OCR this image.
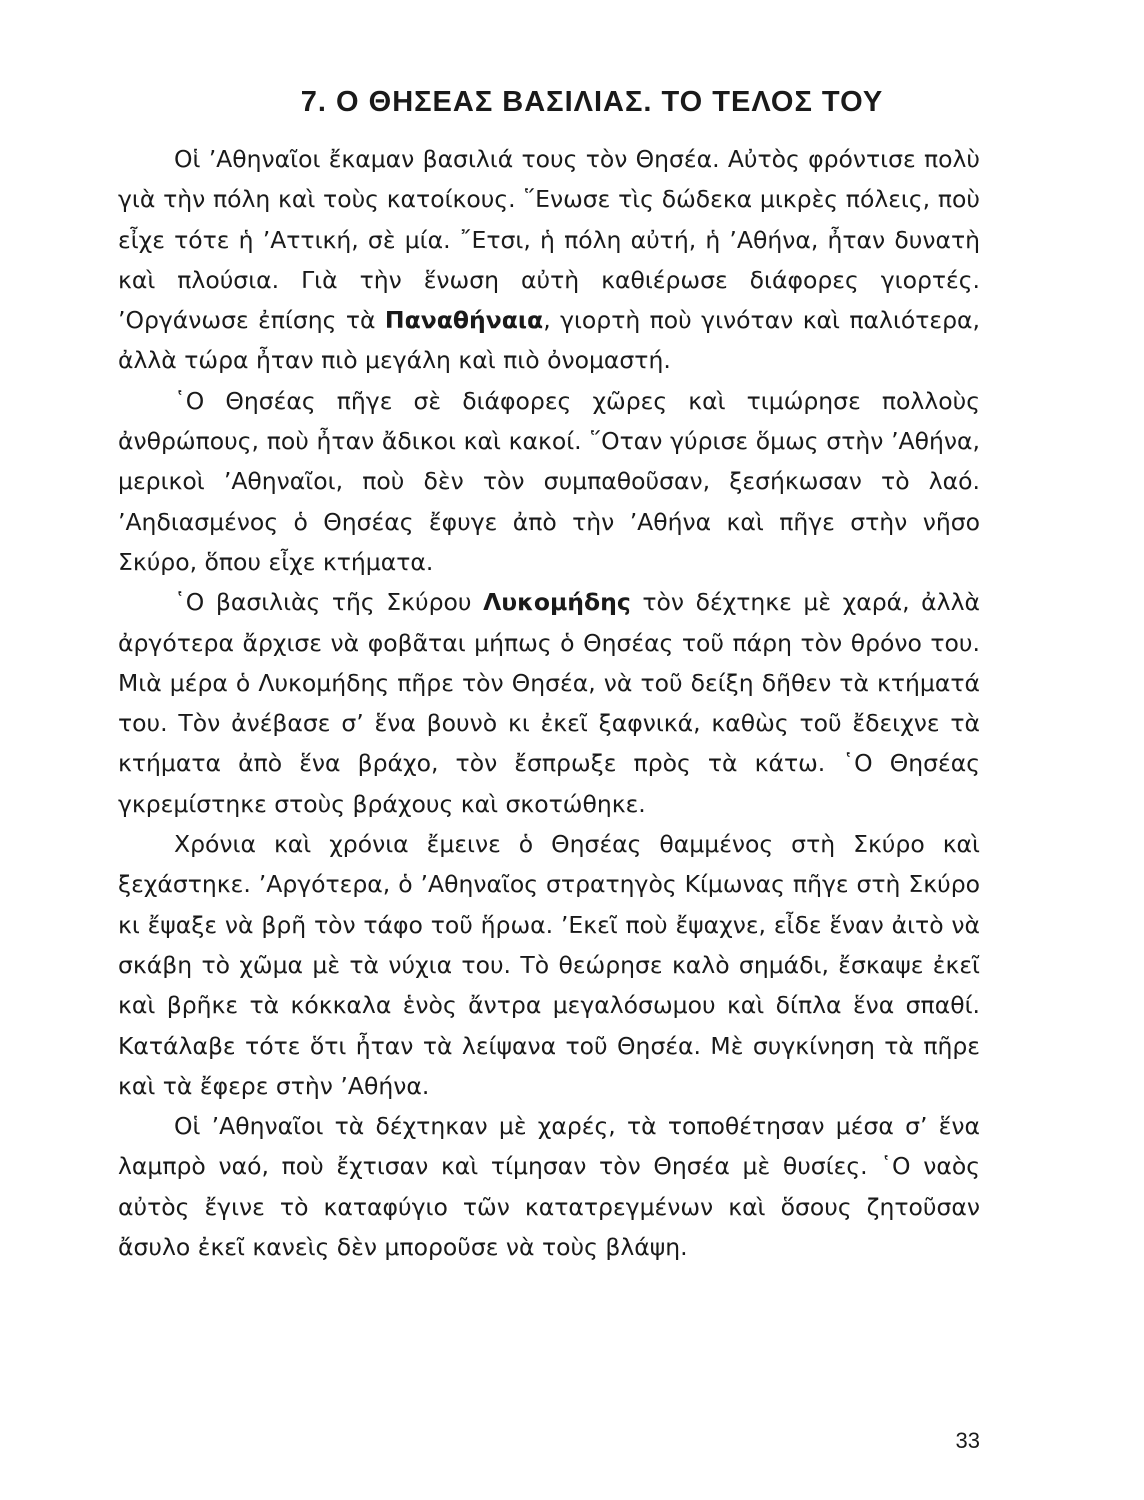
7. Ο ΘΗΣΕΑΣ ΒΑΣΙΛΙΑΣ. ΤΟ ΤΕΛΟΣ ΤΟΥ

Οἱ ’Αθηναῖοι ἔκαμαν βασιλιά τους τὸν Θησέα. Αὐτὸς φρόντισε πολὺ γιὰ τὴν πόλη καὶ τοὺς κατοίκους. ῞Ενωσε τὶς δώδεκα μικρὲς πόλεις, ποὺ εἶχε τότε ἡ ’Αττική, σὲ μία. ῎Ετσι, ἡ πόλη αὐτή, ἡ ’Αθήνα, ἦταν δυνατὴ καὶ πλούσια. Γιὰ τὴν ἕνωση αὐτὴ καθιέρωσε διάφορες γιορτές. ’Οργάνωσε ἐπίσης τὰ Παναθήναια, γιορτὴ ποὺ γινόταν καὶ παλιότερα, ἀλλὰ τώρα ἦταν πιὸ μεγάλη καὶ πιὸ ὀνομαστή.

῾Ο Θησέας πῆγε σὲ διάφορες χῶρες καὶ τιμώρησε πολλοὺς ἀνθρώπους, ποὺ ἦταν ἄδικοι καὶ κακοί. ῞Οταν γύρισε ὅμως στὴν ’Αθήνα, μερικοὶ ’Αθηναῖοι, ποὺ δὲν τὸν συμπαθοῦσαν, ξεσήκωσαν τὸ λαό. ’Αηδιασμένος ὁ Θησέας ἔφυγε ἀπὸ τὴν ’Αθήνα καὶ πῆγε στὴν νῆσο Σκύρο, ὅπου εἶχε κτήματα.

῾Ο βασιλιὰς τῆς Σκύρου Λυκομήδης τὸν δέχτηκε μὲ χαρά, ἀλλὰ ἀργότερα ἄρχισε νὰ φοβᾶται μήπως ὁ Θησέας τοῦ πάρη τὸν θρόνο του. Μιὰ μέρα ὁ Λυκομήδης πῆρε τὸν Θησέα, νὰ τοῦ δείξη δῆθεν τὰ κτήματά του. Τὸν ἀνέβασε σ’ ἕνα βουνὸ κι ἐκεῖ ξαφνικά, καθὼς τοῦ ἔδειχνε τὰ κτήματα ἀπὸ ἕνα βράχο, τὸν ἔσπρωξε πρὸς τὰ κάτω. ῾Ο Θησέας γκρεμίστηκε στοὺς βράχους καὶ σκοτώθηκε.

Χρόνια καὶ χρόνια ἔμεινε ὁ Θησέας θαμμένος στὴ Σκύρο καὶ ξεχάστηκε. ’Αργότερα, ὁ ’Αθηναῖος στρατηγὸς Κίμωνας πῆγε στὴ Σκύρο κι ἔψαξε νὰ βρῆ τὸν τάφο τοῦ ἥρωα. ’Εκεῖ ποὺ ἔψαχνε, εἶδε ἕναν ἀιτὸ νὰ σκάβη τὸ χῶμα μὲ τὰ νύχια του. Τὸ θεώρησε καλὸ σημάδι, ἔσκαψε ἐκεῖ καὶ βρῆκε τὰ κόκκαλα ἑνὸς ἄντρα μεγαλόσωμου καὶ δίπλα ἕνα σπαθί. Κατάλαβε τότε ὅτι ἦταν τὰ λείψανα τοῦ Θησέα. Μὲ συγκίνηση τὰ πῆρε καὶ τὰ ἔφερε στὴν ’Αθήνα.

Οἱ ’Αθηναῖοι τὰ δέχτηκαν μὲ χαρές, τὰ τοποθέτησαν μέσα σ’ ἕνα λαμπρὸ ναό, ποὺ ἔχτισαν καὶ τίμησαν τὸν Θησέα μὲ θυσίες. ῾Ο ναὸς αὐτὸς ἔγινε τὸ καταφύγιο τῶν κατατρεγμένων καὶ ὅσους ζητοῦσαν ἄσυλο ἐκεῖ κανεὶς δὲν μποροῦσε νὰ τοὺς βλάψη.

33
